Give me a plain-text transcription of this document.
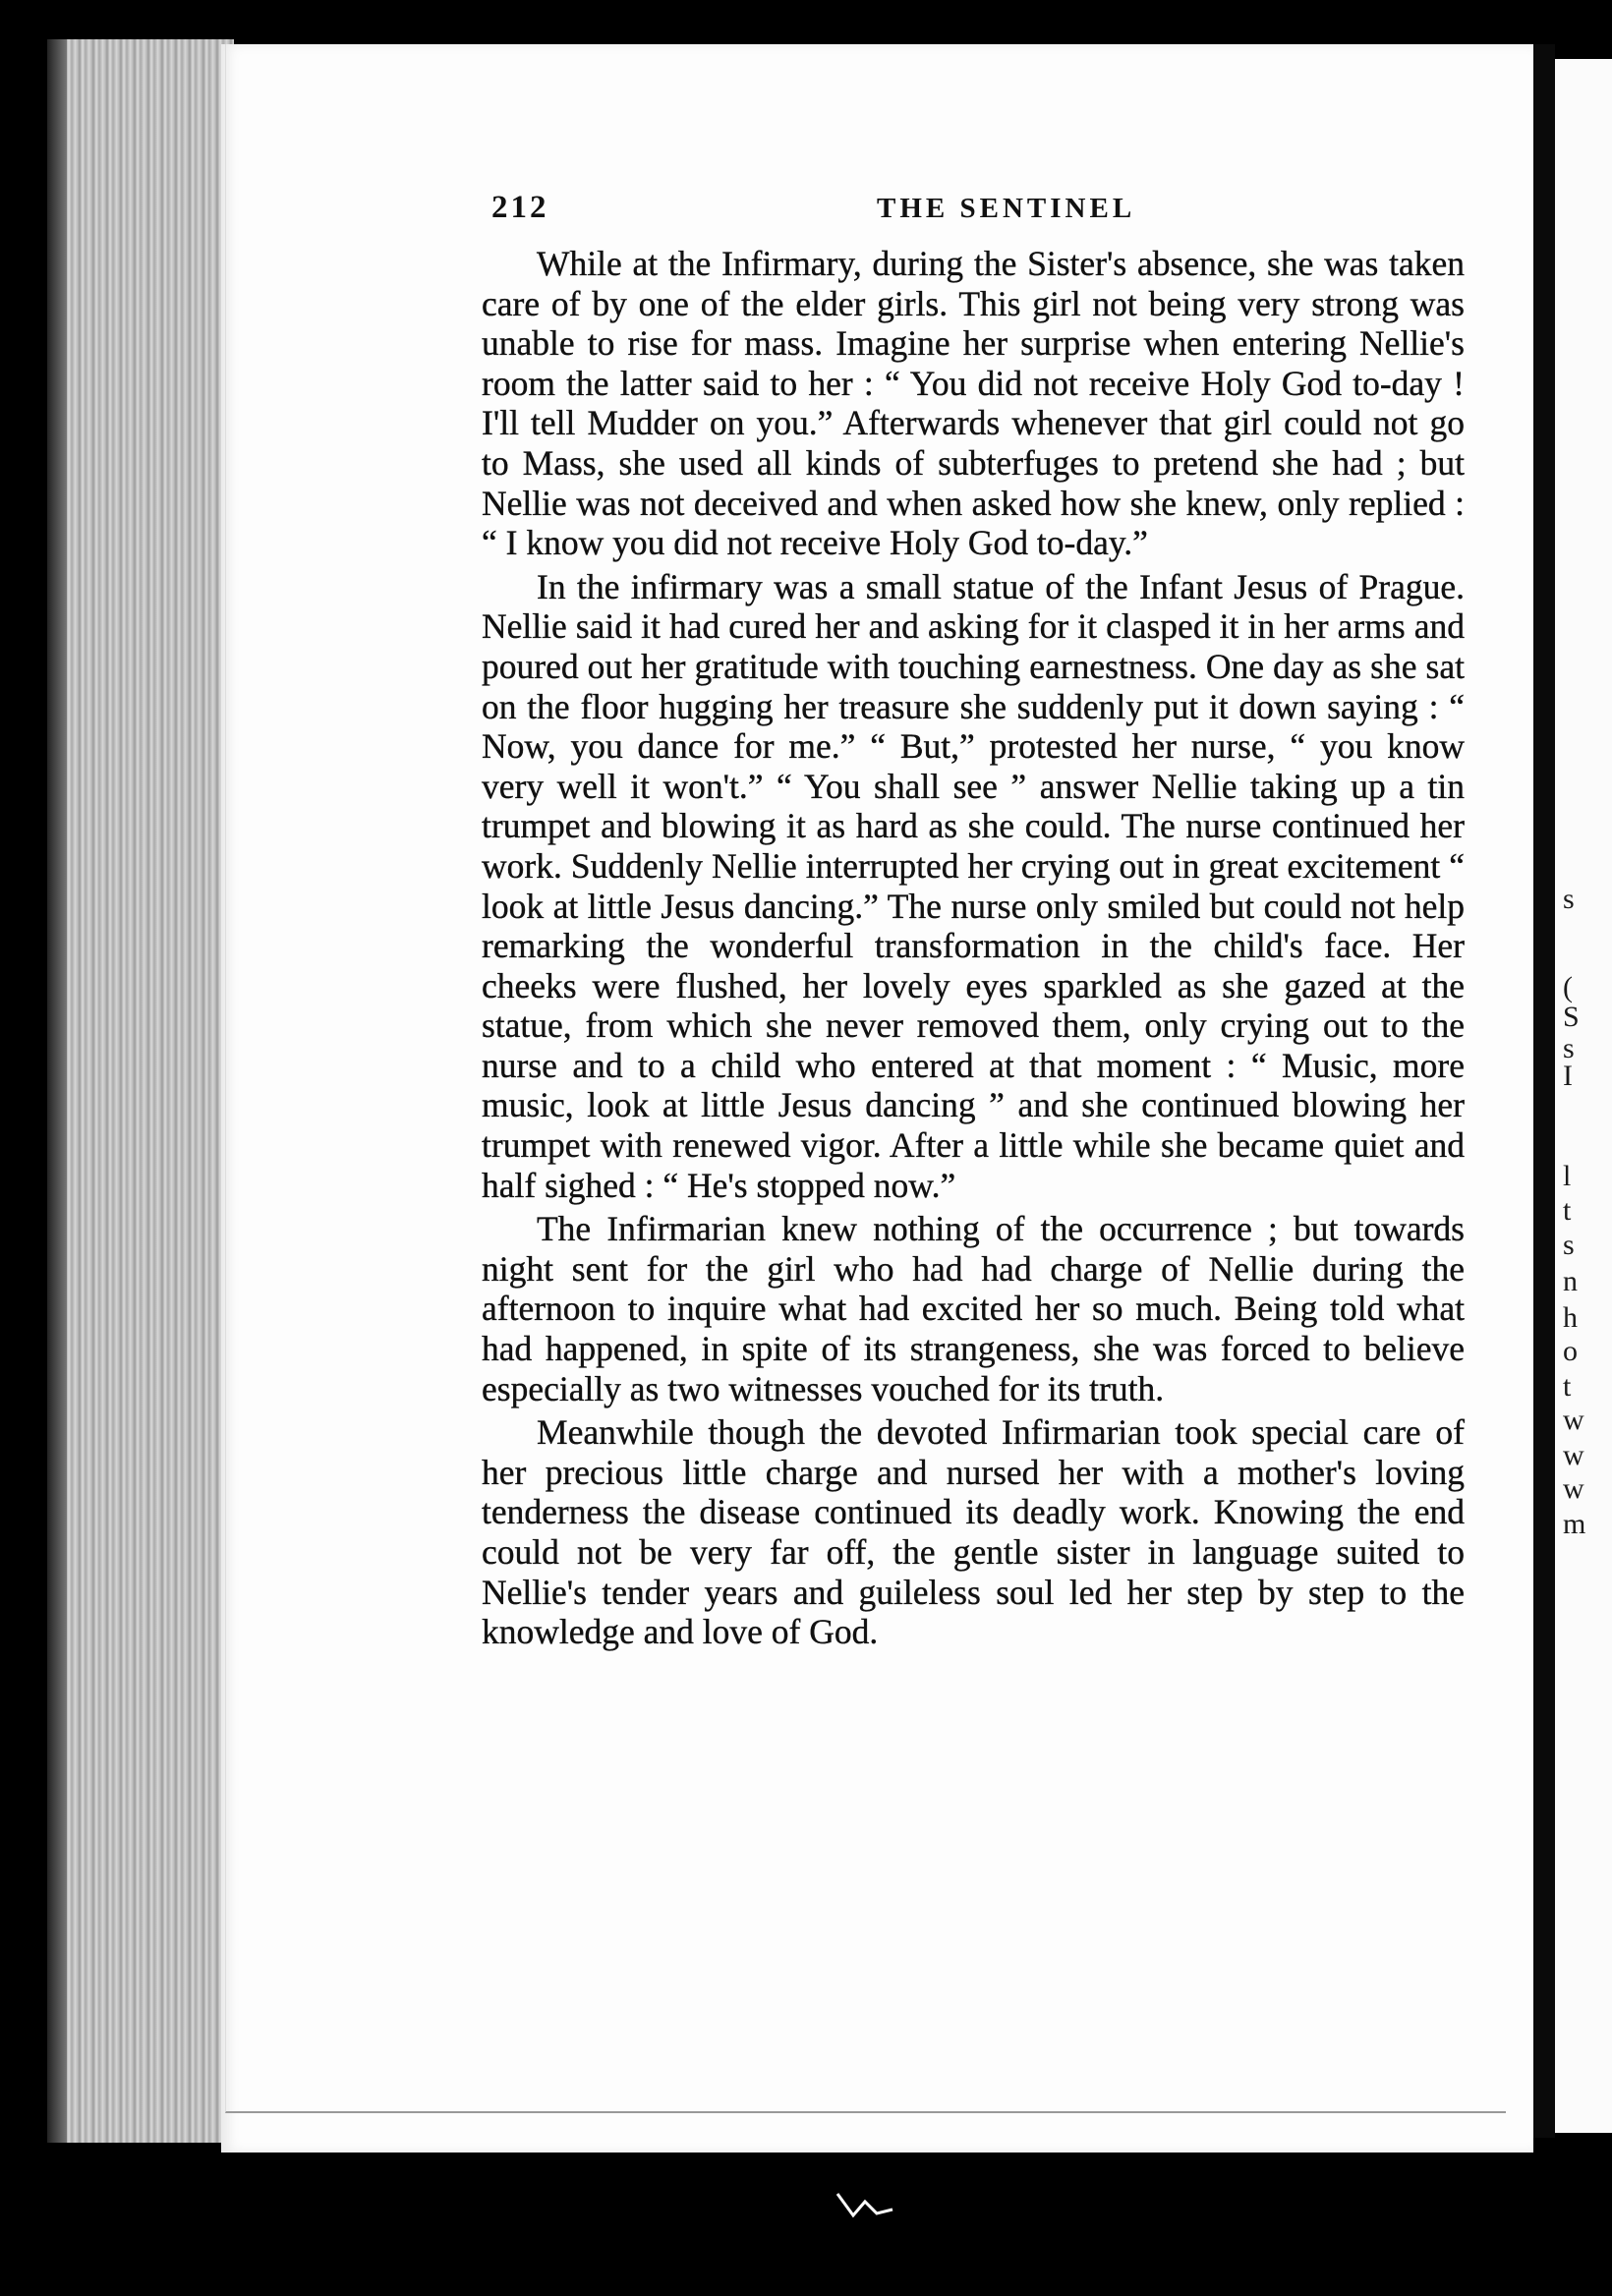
s
(
S
s
I
l
t
s
n
h
o
t
w
w
w
m
212	THE SENTINEL

While at the Infirmary, during the Sister's absence, she was taken care of by one of the elder girls. This girl not being very strong was unable to rise for mass. Imagine her surprise when entering Nellie's room the latter said to her : “ You did not receive Holy God to-day ! I'll tell Mudder on you.” Afterwards whenever that girl could not go to Mass, she used all kinds of subterfuges to pretend she had ; but Nellie was not deceived and when asked how she knew, only replied : “ I know you did not receive Holy God to-day.”

In the infirmary was a small statue of the Infant Jesus of Prague. Nellie said it had cured her and asking for it clasped it in her arms and poured out her gratitude with touching earnestness. One day as she sat on the floor hugging her treasure she suddenly put it down saying : “ Now, you dance for me.” “ But,” protested her nurse, “ you know very well it won't.” “ You shall see ” answer Nellie taking up a tin trumpet and blowing it as hard as she could. The nurse continued her work. Suddenly Nellie interrupted her crying out in great excitement “ look at little Jesus dancing.” The nurse only smiled but could not help remarking the wonderful transformation in the child's face. Her cheeks were flushed, her lovely eyes sparkled as she gazed at the statue, from which she never removed them, only crying out to the nurse and to a child who entered at that moment : “ Music, more music, look at little Jesus dancing ” and she continued blowing her trumpet with renewed vigor. After a little while she became quiet and half sighed : “ He's stopped now.”

The Infirmarian knew nothing of the occurrence ; but towards night sent for the girl who had had charge of Nellie during the afternoon to inquire what had excited her so much. Being told what had happened, in spite of its strangeness, she was forced to believe especially as two witnesses vouched for its truth.

Meanwhile though the devoted Infirmarian took special care of her precious little charge and nursed her with a mother's loving tenderness the disease continued its deadly work. Knowing the end could not be very far off, the gentle sister in language suited to Nellie's tender years and guileless soul led her step by step to the knowledge and love of God.
